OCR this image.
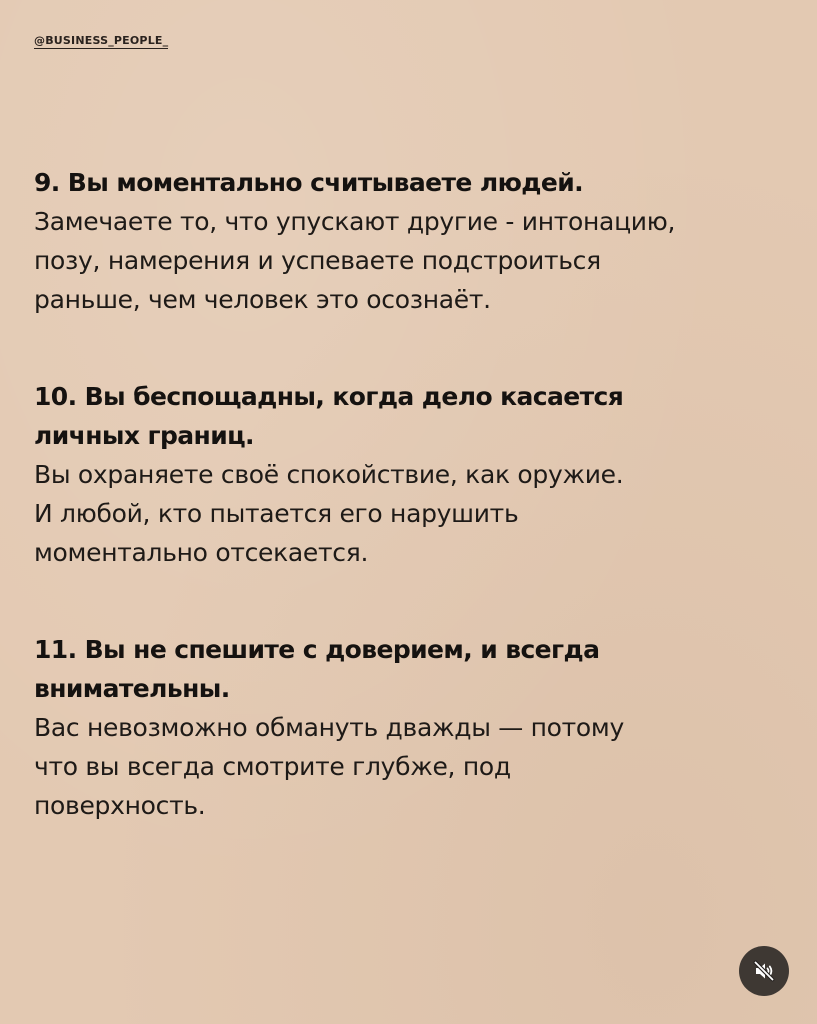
@BUSINESS_PEOPLE_

9. Вы моментально считываете людей.

Замечаете то, что упускают другие - интонацию,
позу, намерения и успеваете подстроиться
раньше, чем человек это осознаёт.

10. Вы беспощадны, когда дело касается
личных границ.

Вы охраняете своё спокойствие, как оружие.
И любой, кто пытается его нарушить
моментально отсекается.

11. Вы не спешите с доверием, и всегда
внимательны.

Вас невозможно обмануть дважды — потому
что вы всегда смотрите глубже, под
поверхность.
